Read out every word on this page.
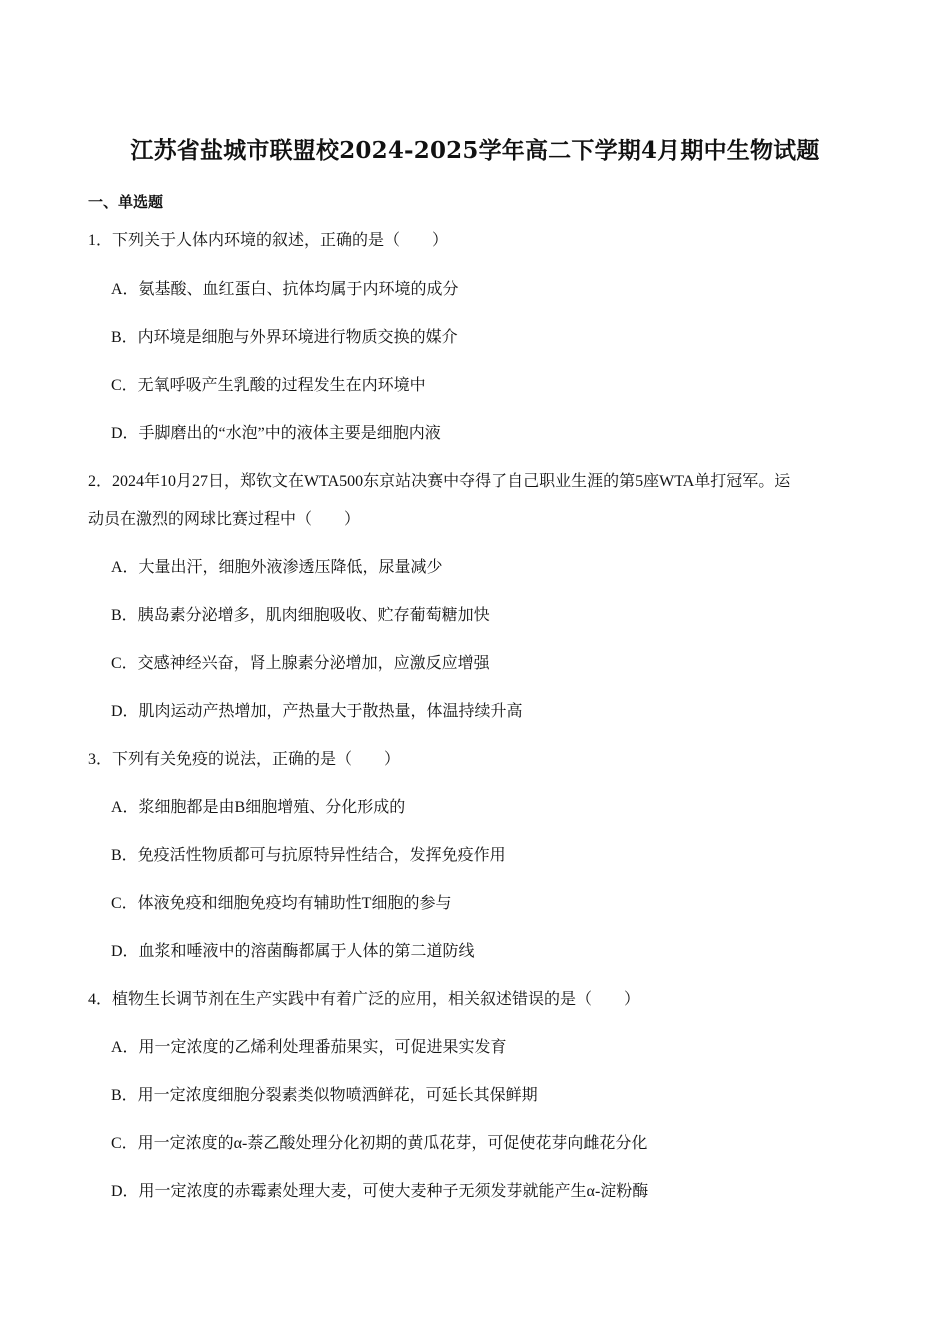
江苏省盐城市联盟校2024-2025学年高二下学期4月期中生物试题
一、单选题
1．下列关于人体内环境的叙述，正确的是（　　）
A．氨基酸、血红蛋白、抗体均属于内环境的成分
B．内环境是细胞与外界环境进行物质交换的媒介
C．无氧呼吸产生乳酸的过程发生在内环境中
D．手脚磨出的“水泡”中的液体主要是细胞内液
2．2024年10月27日，郑钦文在WTA500东京站决赛中夺得了自己职业生涯的第5座WTA单打冠军。运
动员在激烈的网球比赛过程中（　　）
A．大量出汗，细胞外液渗透压降低，尿量减少
B．胰岛素分泌增多，肌肉细胞吸收、贮存葡萄糖加快
C．交感神经兴奋，肾上腺素分泌增加，应激反应增强
D．肌肉运动产热增加，产热量大于散热量，体温持续升高
3．下列有关免疫的说法，正确的是（　　）
A．浆细胞都是由B细胞增殖、分化形成的
B．免疫活性物质都可与抗原特异性结合，发挥免疫作用
C．体液免疫和细胞免疫均有辅助性T细胞的参与
D．血浆和唾液中的溶菌酶都属于人体的第二道防线
4．植物生长调节剂在生产实践中有着广泛的应用，相关叙述错误的是（　　）
A．用一定浓度的乙烯利处理番茄果实，可促进果实发育
B．用一定浓度细胞分裂素类似物喷洒鲜花，可延长其保鲜期
C．用一定浓度的α-萘乙酸处理分化初期的黄瓜花芽，可促使花芽向雌花分化
D．用一定浓度的赤霉素处理大麦，可使大麦种子无须发芽就能产生α-淀粉酶
